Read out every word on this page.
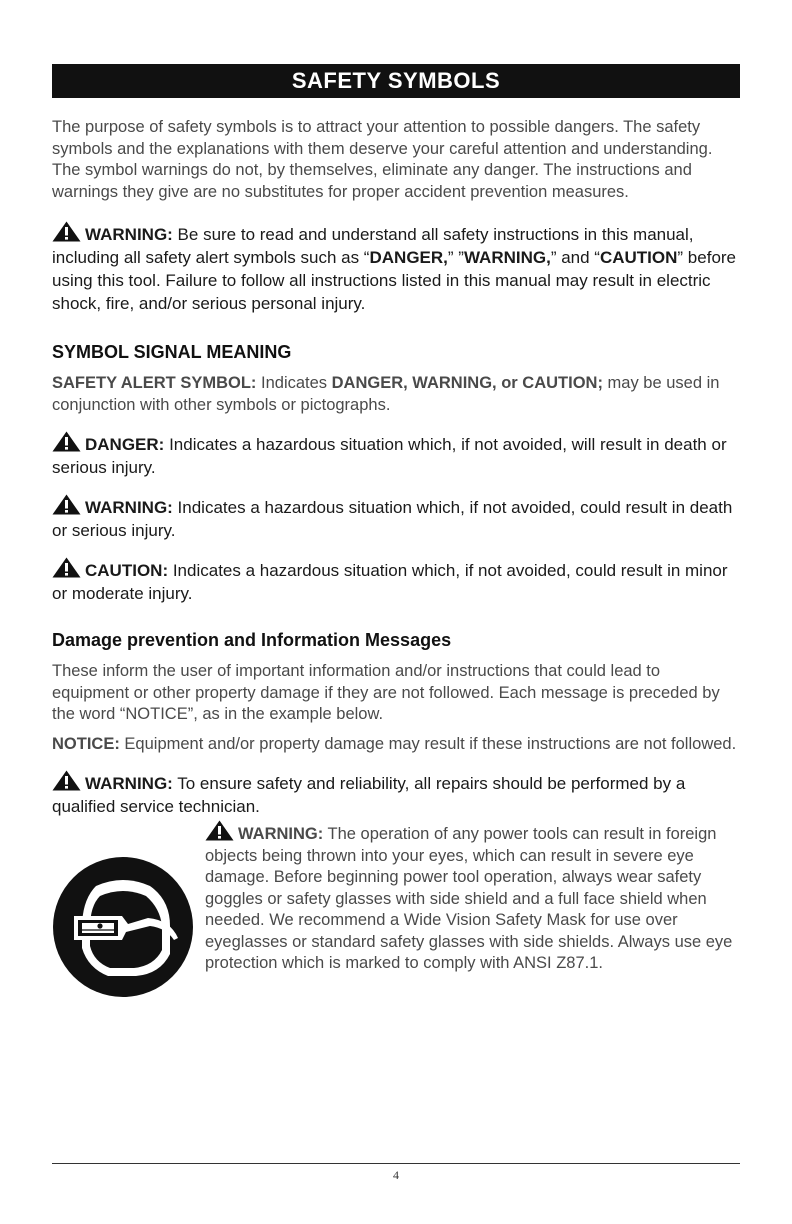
SAFETY SYMBOLS

The purpose of safety symbols is to attract your attention to possible dangers. The safety symbols and the explanations with them deserve your careful attention and understanding. The symbol warnings do not, by themselves, eliminate any danger. The instructions and warnings they give are no substitutes for proper accident prevention measures.

WARNING: Be sure to read and understand all safety instructions in this manual, including all safety alert symbols such as “DANGER,” ”WARNING,” and “CAUTION” before using this tool. Failure to follow all instructions listed in this manual may result in electric shock, fire, and/or serious personal injury.

SYMBOL SIGNAL MEANING

SAFETY ALERT SYMBOL: Indicates DANGER, WARNING, or CAUTION; may be used in conjunction with other symbols or pictographs.

DANGER: Indicates a hazardous situation which, if not avoided, will result in death or serious injury.

WARNING: Indicates a hazardous situation which, if not avoided, could result in death or serious injury.

CAUTION: Indicates a hazardous situation which, if not avoided, could result in minor or moderate injury.

Damage prevention and Information Messages

These inform the user of important information and/or instructions that could lead to equipment or other property damage if they are not followed. Each message is preceded by the word “NOTICE”, as in the example below.

NOTICE: Equipment and/or property damage may result if these instructions are not followed.

WARNING: To ensure safety and reliability, all repairs should be performed by a qualified service technician.

WARNING: The operation of any power tools can result in foreign objects being thrown into your eyes, which can result in severe eye damage. Before beginning power tool operation, always wear safety goggles or safety glasses with side shield and a full face shield when needed. We recommend a Wide Vision Safety Mask for use over eyeglasses or standard safety glasses with side shields. Always use eye protection which is marked to comply with ANSI Z87.1.

4
